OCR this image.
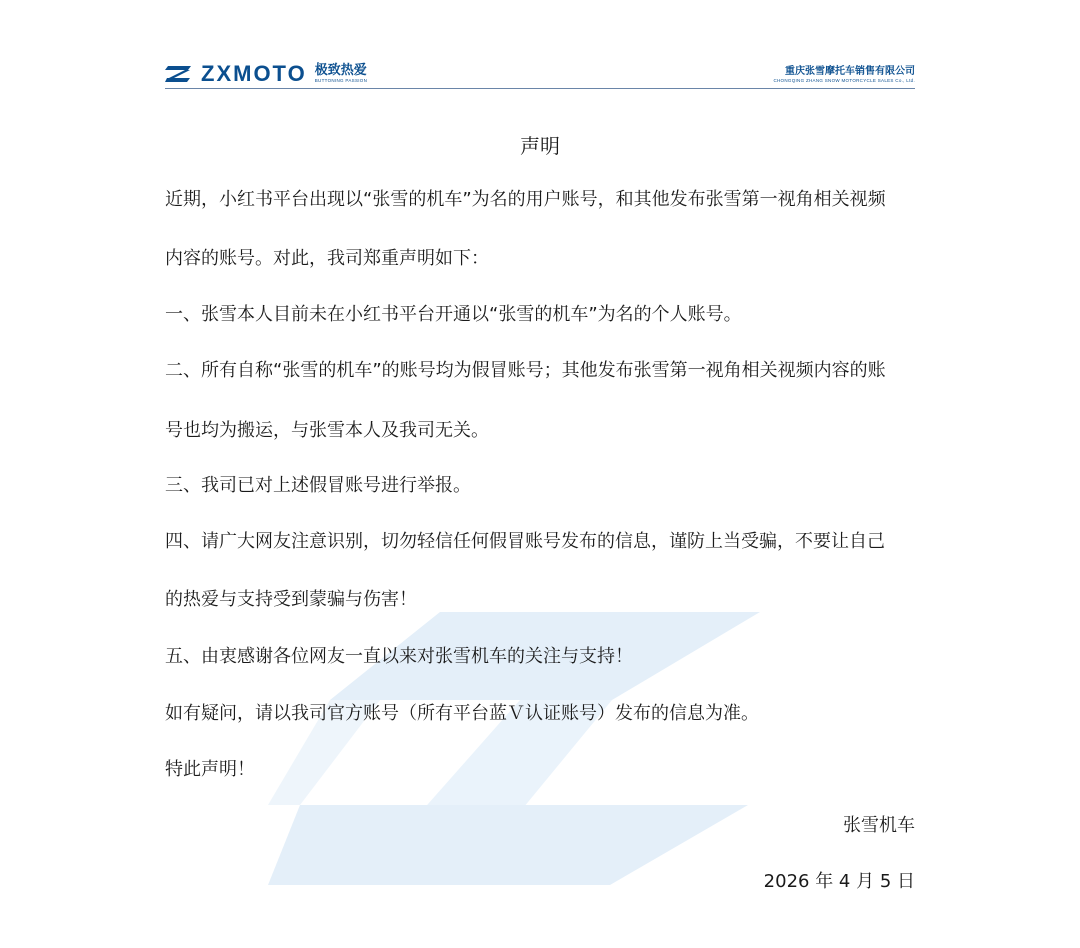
ZXMOTO 极致热爱
BUTTONING PASSION
重庆张雪摩托车销售有限公司
CHONGQING ZHANG SNOW MOTORCYCLE SALES Co., Ltd.
声明
近期，小红书平台出现以“张雪的机车”为名的用户账号，和其他发布张雪第一视角相关视频
内容的账号。对此，我司郑重声明如下：
一、张雪本人目前未在小红书平台开通以“张雪的机车”为名的个人账号。
二、所有自称“张雪的机车”的账号均为假冒账号；其他发布张雪第一视角相关视频内容的账
号也均为搬运，与张雪本人及我司无关。
三、我司已对上述假冒账号进行举报。
四、请广大网友注意识别，切勿轻信任何假冒账号发布的信息，谨防上当受骗，不要让自己
的热爱与支持受到蒙骗与伤害！
五、由衷感谢各位网友一直以来对张雪机车的关注与支持！
如有疑问，请以我司官方账号（所有平台蓝Ｖ认证账号）发布的信息为准。
特此声明！
张雪机车
2026 年 4 月 5 日
